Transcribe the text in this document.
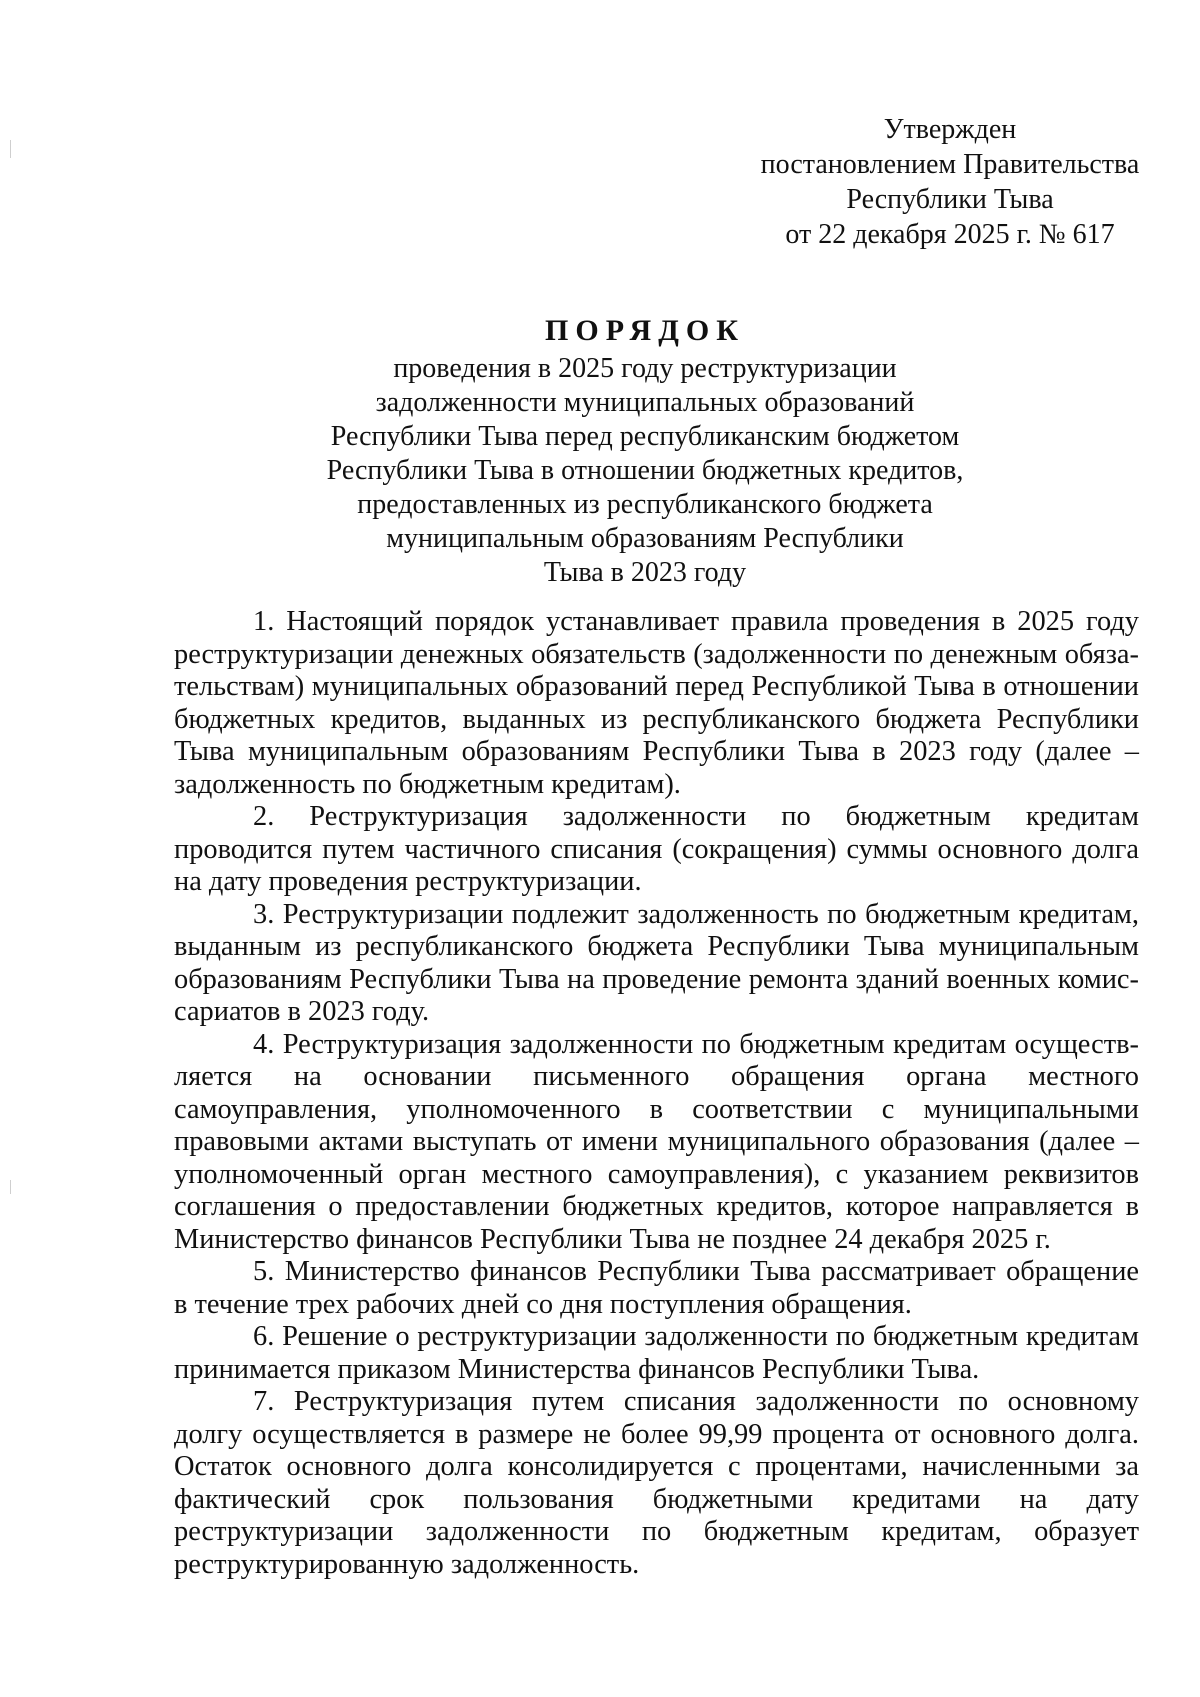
Утвержден
постановлением Правительства
Республики Тыва
от 22 декабря 2025 г. № 617
ПОРЯДОК
проведения в 2025 году реструктуризации
задолженности муниципальных образований
Республики Тыва перед республиканским бюджетом
Республики Тыва в отношении бюджетных кредитов,
предоставленных из республиканского бюджета
муниципальным образованиям Республики
Тыва в 2023 году

1. Настоящий порядок устанавливает правила проведения в 2025 году реструктуризации денежных обязательств (задолженности по денежным обязательствам) муниципальных образований перед Республикой Тыва в отношении бюджетных кредитов, выданных из республиканского бюджета Республики Тыва муниципальным образованиям Республики Тыва в 2023 году (далее – задолженность по бюджетным кредитам).

2. Реструктуризация задолженности по бюджетным кредитам проводится путем частичного списания (сокращения) суммы основного долга на дату проведения реструктуризации.

3. Реструктуризации подлежит задолженность по бюджетным кредитам, выданным из республиканского бюджета Республики Тыва муниципальным образованиям Республики Тыва на проведение ремонта зданий военных комиссариатов в 2023 году.

4. Реструктуризация задолженности по бюджетным кредитам осуществляется на основании письменного обращения органа местного самоуправления, уполномоченного в соответствии с муниципальными правовыми актами выступать от имени муниципального образования (далее – уполномоченный орган местного самоуправления), с указанием реквизитов соглашения о предоставлении бюджетных кредитов, которое направляется в Министерство финансов Республики Тыва не позднее 24 декабря 2025 г.

5. Министерство финансов Республики Тыва рассматривает обращение в течение трех рабочих дней со дня поступления обращения.

6. Решение о реструктуризации задолженности по бюджетным кредитам принимается приказом Министерства финансов Республики Тыва.

7. Реструктуризация путем списания задолженности по основному долгу осуществляется в размере не более 99,99 процента от основного долга. Остаток основного долга консолидируется с процентами, начисленными за фактический срок пользования бюджетными кредитами на дату реструктуризации задолженности по бюджетным кредитам, образует реструктурированную задолженность.
